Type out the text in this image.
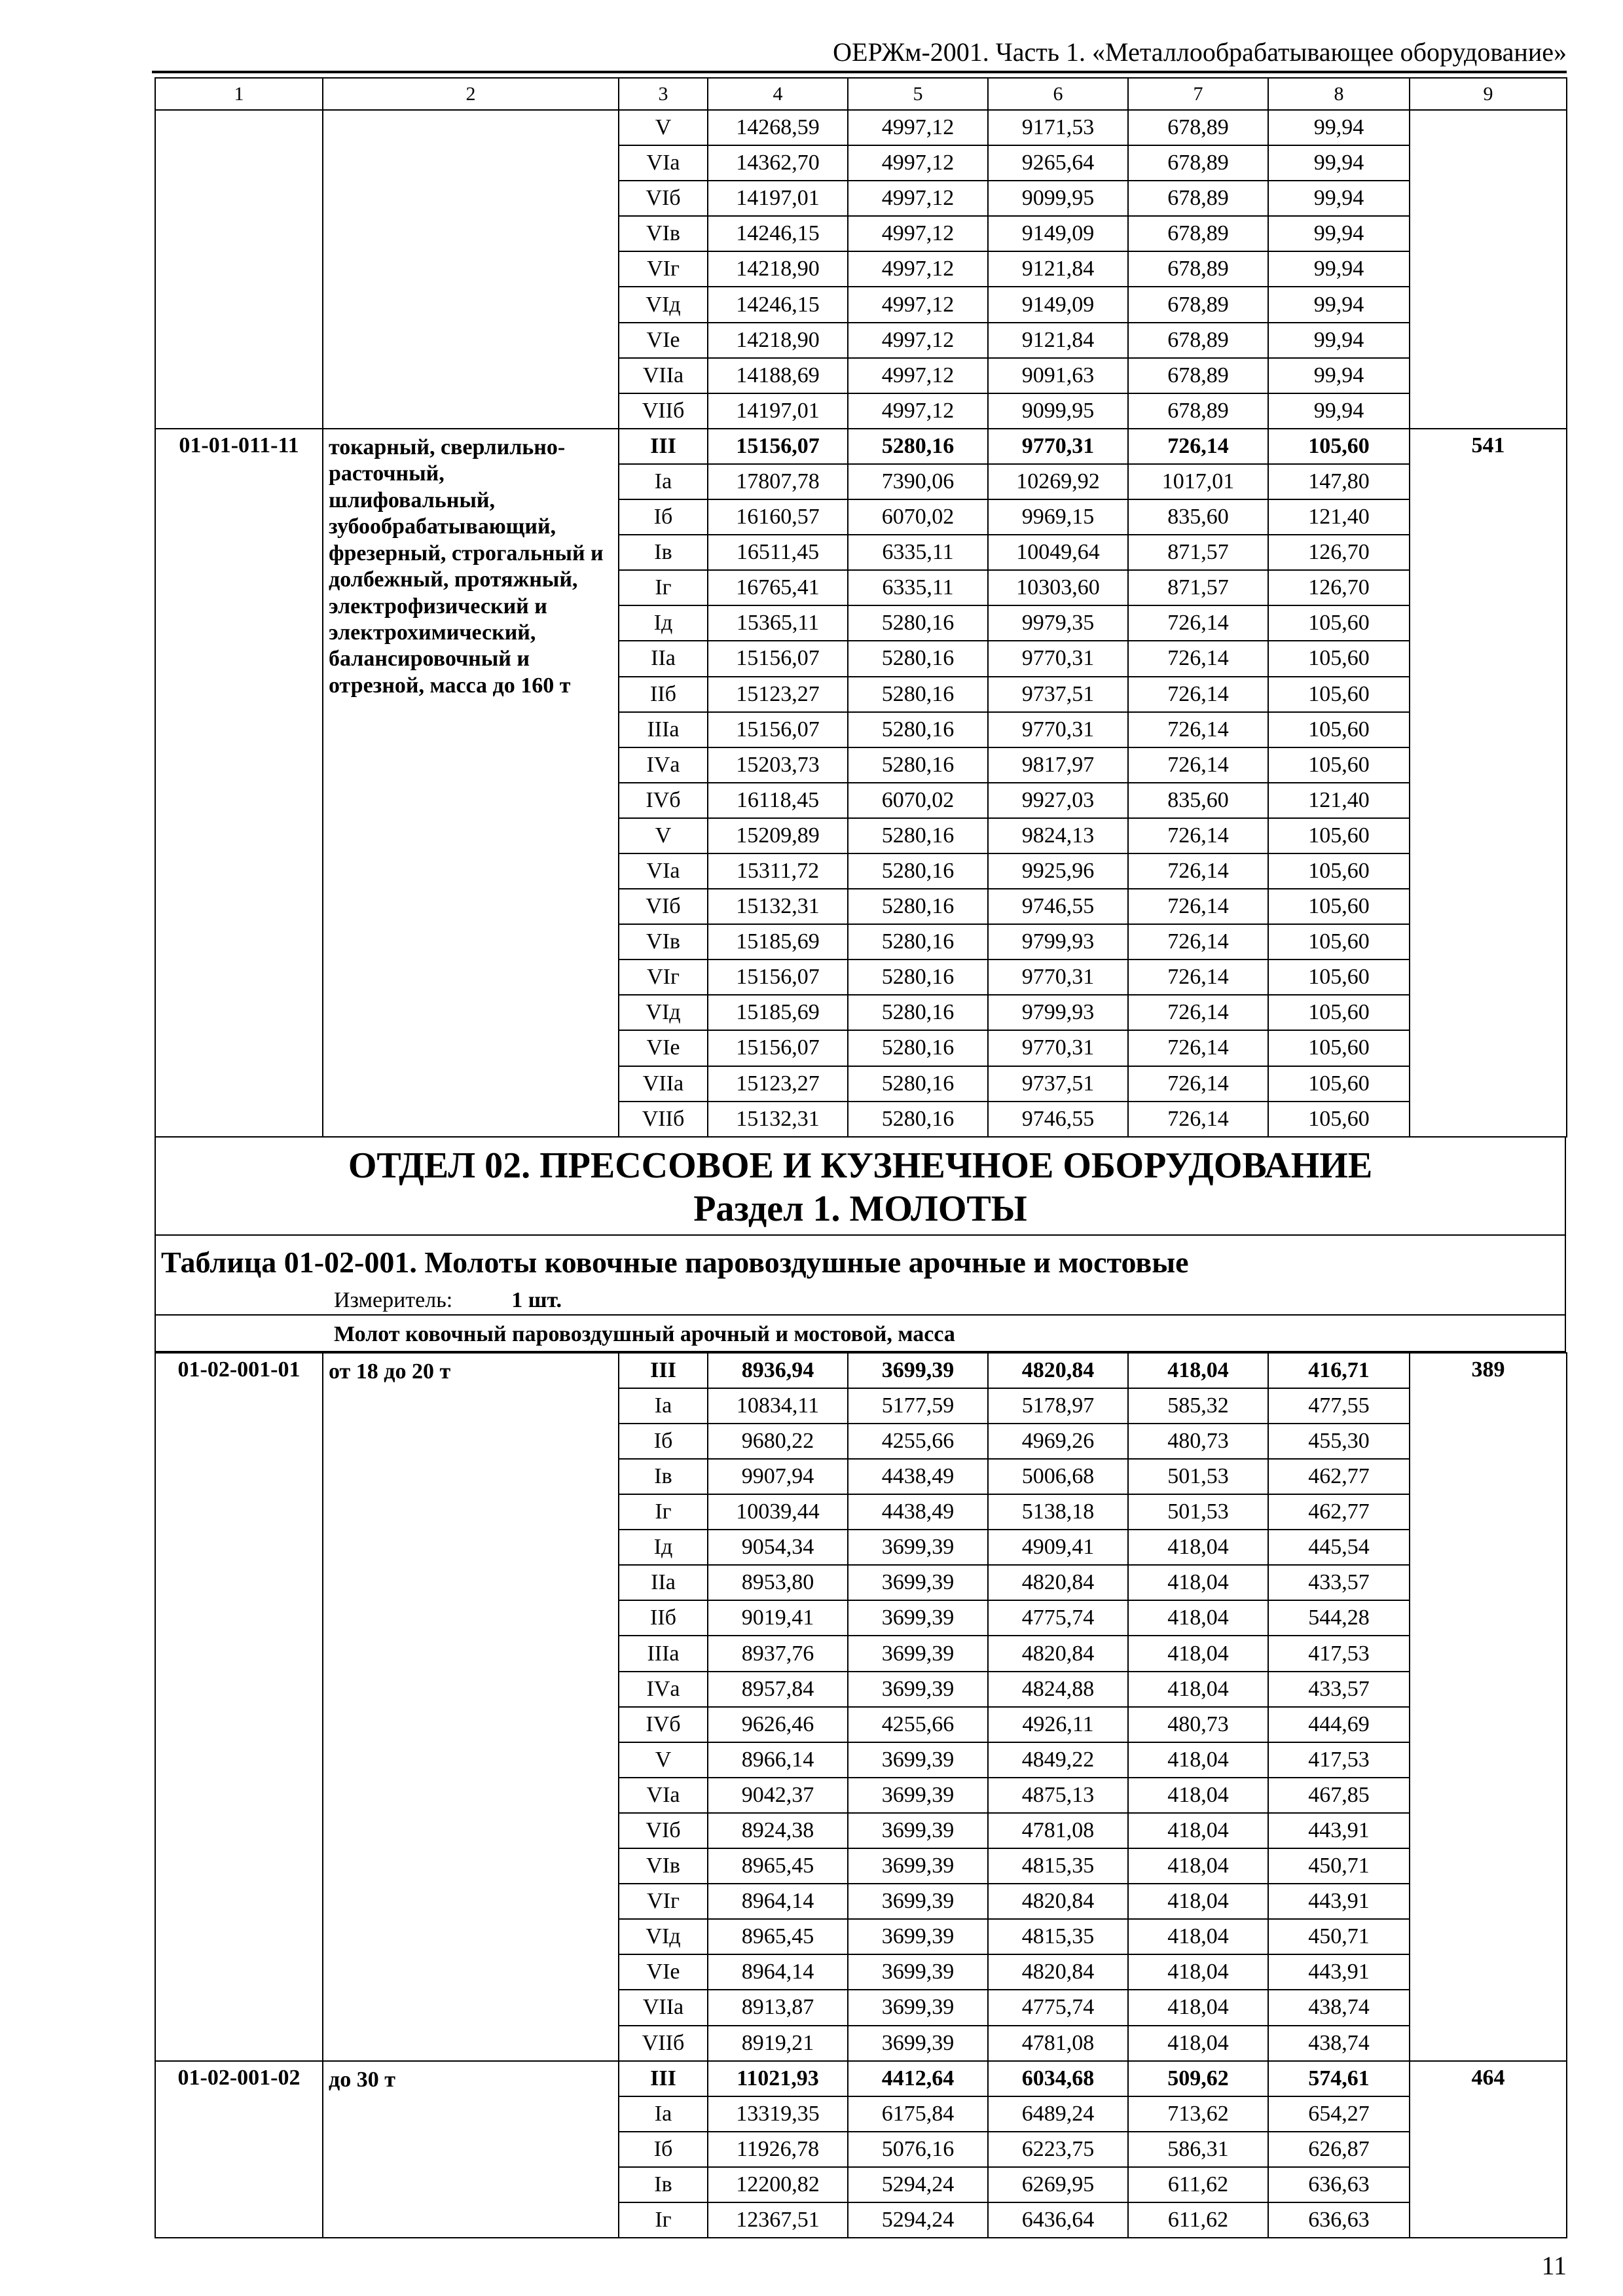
ОЕРЖм-2001. Часть 1. «Металлообрабатывающее оборудование»
1	2	3	4	5	6	7	8	9
		V	14268,59	4997,12	9171,53	678,89	99,94	
		VIа	14362,70	4997,12	9265,64	678,89	99,94	
		VIб	14197,01	4997,12	9099,95	678,89	99,94	
		VIв	14246,15	4997,12	9149,09	678,89	99,94	
		VIг	14218,90	4997,12	9121,84	678,89	99,94	
		VIд	14246,15	4997,12	9149,09	678,89	99,94	
		VIе	14218,90	4997,12	9121,84	678,89	99,94	
		VIIа	14188,69	4997,12	9091,63	678,89	99,94	
		VIIб	14197,01	4997,12	9099,95	678,89	99,94	
01-01-011-11	токарный, сверлильно-расточный, шлифовальный, зубообрабатывающий, фрезерный, строгальный и долбежный, протяжный, электрофизический и электрохимический, балансировочный и отрезной, масса до 160 т	III	15156,07	5280,16	9770,31	726,14	105,60	541
		Iа	17807,78	7390,06	10269,92	1017,01	147,80	
		Iб	16160,57	6070,02	9969,15	835,60	121,40	
		Iв	16511,45	6335,11	10049,64	871,57	126,70	
		Iг	16765,41	6335,11	10303,60	871,57	126,70	
		Iд	15365,11	5280,16	9979,35	726,14	105,60	
		IIа	15156,07	5280,16	9770,31	726,14	105,60	
		IIб	15123,27	5280,16	9737,51	726,14	105,60	
		IIIа	15156,07	5280,16	9770,31	726,14	105,60	
		IVа	15203,73	5280,16	9817,97	726,14	105,60	
		IVб	16118,45	6070,02	9927,03	835,60	121,40	
		V	15209,89	5280,16	9824,13	726,14	105,60	
		VIа	15311,72	5280,16	9925,96	726,14	105,60	
		VIб	15132,31	5280,16	9746,55	726,14	105,60	
		VIв	15185,69	5280,16	9799,93	726,14	105,60	
		VIг	15156,07	5280,16	9770,31	726,14	105,60	
		VIд	15185,69	5280,16	9799,93	726,14	105,60	
		VIе	15156,07	5280,16	9770,31	726,14	105,60	
		VIIа	15123,27	5280,16	9737,51	726,14	105,60	
		VIIб	15132,31	5280,16	9746,55	726,14	105,60	
ОТДЕЛ 02. ПРЕССОВОЕ И КУЗНЕЧНОЕ ОБОРУДОВАНИЕ
Раздел 1. МОЛОТЫ
Таблица 01-02-001. Молоты ковочные паровоздушные арочные и мостовые
Измеритель:	1 шт.
Молот ковочный паровоздушный арочный и мостовой, масса
01-02-001-01	от 18 до 20 т	III	8936,94	3699,39	4820,84	418,04	416,71	389
		Iа	10834,11	5177,59	5178,97	585,32	477,55	
		Iб	9680,22	4255,66	4969,26	480,73	455,30	
		Iв	9907,94	4438,49	5006,68	501,53	462,77	
		Iг	10039,44	4438,49	5138,18	501,53	462,77	
		Iд	9054,34	3699,39	4909,41	418,04	445,54	
		IIа	8953,80	3699,39	4820,84	418,04	433,57	
		IIб	9019,41	3699,39	4775,74	418,04	544,28	
		IIIа	8937,76	3699,39	4820,84	418,04	417,53	
		IVа	8957,84	3699,39	4824,88	418,04	433,57	
		IVб	9626,46	4255,66	4926,11	480,73	444,69	
		V	8966,14	3699,39	4849,22	418,04	417,53	
		VIа	9042,37	3699,39	4875,13	418,04	467,85	
		VIб	8924,38	3699,39	4781,08	418,04	443,91	
		VIв	8965,45	3699,39	4815,35	418,04	450,71	
		VIг	8964,14	3699,39	4820,84	418,04	443,91	
		VIд	8965,45	3699,39	4815,35	418,04	450,71	
		VIе	8964,14	3699,39	4820,84	418,04	443,91	
		VIIа	8913,87	3699,39	4775,74	418,04	438,74	
		VIIб	8919,21	3699,39	4781,08	418,04	438,74	
01-02-001-02	до 30 т	III	11021,93	4412,64	6034,68	509,62	574,61	464
		Iа	13319,35	6175,84	6489,24	713,62	654,27	
		Iб	11926,78	5076,16	6223,75	586,31	626,87	
		Iв	12200,82	5294,24	6269,95	611,62	636,63	
		Iг	12367,51	5294,24	6436,64	611,62	636,63	
11
